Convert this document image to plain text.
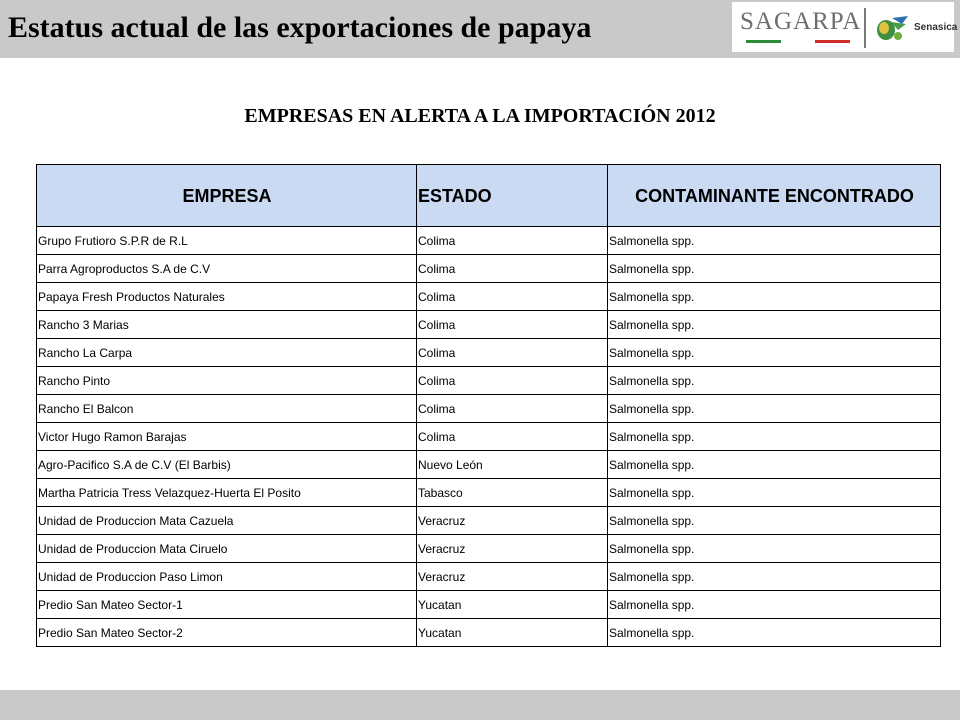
Estatus actual de las exportaciones de papaya	SAGARPA	Senasica
EMPRESAS EN ALERTA A LA IMPORTACIÓN 2012
EMPRESA	ESTADO	CONTAMINANTE ENCONTRADO
Grupo Frutioro S.P.R de R.L	Colima	Salmonella spp.
Parra Agroproductos S.A de C.V	Colima	Salmonella spp.
Papaya Fresh Productos Naturales	Colima	Salmonella spp.
Rancho 3 Marias	Colima	Salmonella spp.
Rancho La Carpa	Colima	Salmonella spp.
Rancho Pinto	Colima	Salmonella spp.
Rancho El Balcon	Colima	Salmonella spp.
Victor Hugo Ramon Barajas	Colima	Salmonella spp.
Agro-Pacifico S.A de C.V (El Barbis)	Nuevo León	Salmonella spp.
Martha Patricia Tress Velazquez-Huerta El Posito	Tabasco	Salmonella spp.
Unidad de Produccion Mata Cazuela	Veracruz	Salmonella spp.
Unidad de Produccion Mata Ciruelo	Veracruz	Salmonella spp.
Unidad de Produccion Paso Limon	Veracruz	Salmonella spp.
Predio San Mateo Sector-1	Yucatan	Salmonella spp.
Predio San Mateo Sector-2	Yucatan	Salmonella spp.
